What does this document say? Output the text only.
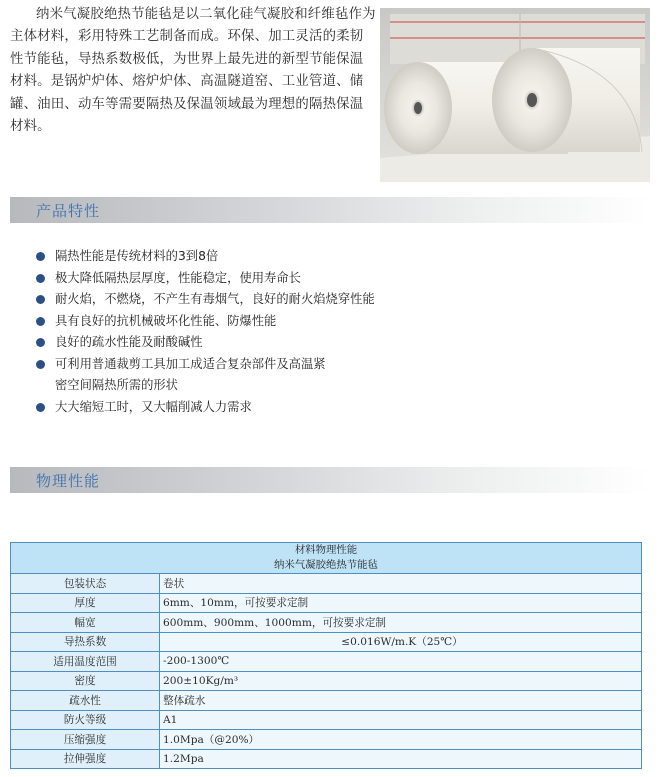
纳米气凝胶绝热节能毡是以二氧化硅气凝胶和纤维毡作为主体材料，彩用特殊工艺制备而成。环保、加工灵活的柔韧性节能毡，导热系数极低，为世界上最先进的新型节能保温材料。是锅炉炉体、熔炉炉体、高温隧道窑、工业管道、储罐、油田、动车等需要隔热及保温领域最为理想的隔热保温材料。

产品特性
隔热性能是传统材料的3到8倍
极大降低隔热层厚度，性能稳定，使用寿命长
耐火焰，不燃烧，不产生有毒烟气，良好的耐火焰烧穿性能
具有良好的抗机械破坏化性能、防爆性能
良好的疏水性能及耐酸碱性
可利用普通裁剪工具加工成适合复杂部件及高温紧密空间隔热所需的形状
大大缩短工时，又大幅削减人力需求
物理性能
材料物理性能
纳米气凝胶绝热节能毡	

包装状态	卷状
厚度	6mm、10mm，可按要求定制
幅宽	600mm、900mm、1000mm，可按要求定制
导热系数	≤0.016W/m.K（25℃）
适用温度范围	-200-1300℃
密度	200±10Kg/m³
疏水性	整体疏水
防火等级	A1
压缩强度	1.0Mpa（@20%）
拉伸强度	1.2Mpa
